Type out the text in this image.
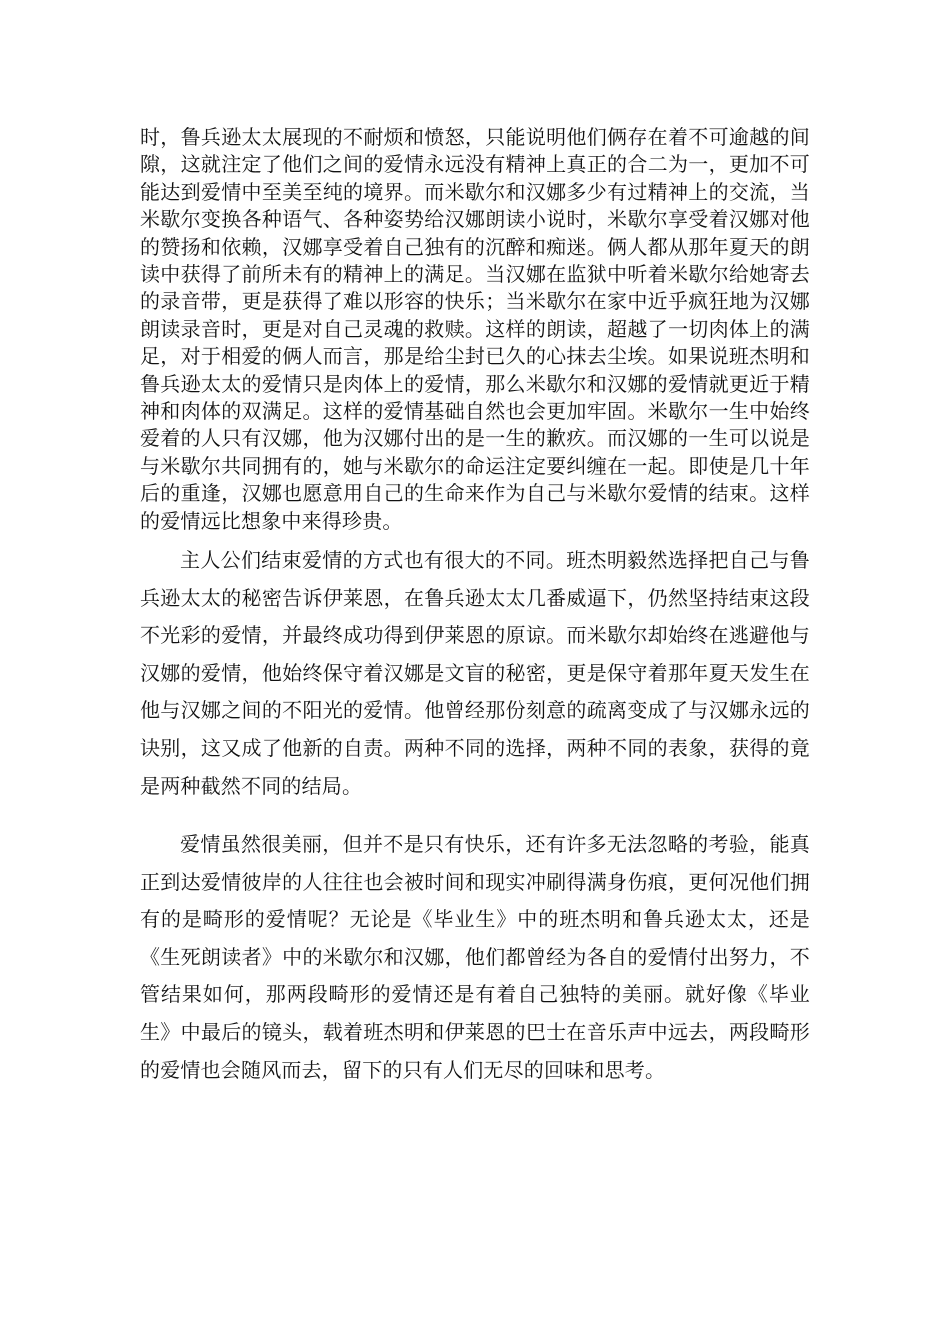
时，鲁兵逊太太展现的不耐烦和愤怒，只能说明他们俩存在着不可逾越的间隙，这就注定了他们之间的爱情永远没有精神上真正的合二为一，更加不可能达到爱情中至美至纯的境界。而米歇尔和汉娜多少有过精神上的交流，当米歇尔变换各种语气、各种姿势给汉娜朗读小说时，米歇尔享受着汉娜对他的赞扬和依赖，汉娜享受着自己独有的沉醉和痴迷。俩人都从那年夏天的朗读中获得了前所未有的精神上的满足。当汉娜在监狱中听着米歇尔给她寄去的录音带，更是获得了难以形容的快乐；当米歇尔在家中近乎疯狂地为汉娜朗读录音时，更是对自己灵魂的救赎。这样的朗读，超越了一切肉体上的满足，对于相爱的俩人而言，那是给尘封已久的心抹去尘埃。如果说班杰明和鲁兵逊太太的爱情只是肉体上的爱情，那么米歇尔和汉娜的爱情就更近于精神和肉体的双满足。这样的爱情基础自然也会更加牢固。米歇尔一生中始终爱着的人只有汉娜，他为汉娜付出的是一生的歉疚。而汉娜的一生可以说是与米歇尔共同拥有的，她与米歇尔的命运注定要纠缠在一起。即使是几十年后的重逢，汉娜也愿意用自己的生命来作为自己与米歇尔爱情的结束。这样的爱情远比想象中来得珍贵。

主人公们结束爱情的方式也有很大的不同。班杰明毅然选择把自己与鲁兵逊太太的秘密告诉伊莱恩，在鲁兵逊太太几番威逼下，仍然坚持结束这段不光彩的爱情，并最终成功得到伊莱恩的原谅。而米歇尔却始终在逃避他与汉娜的爱情，他始终保守着汉娜是文盲的秘密，更是保守着那年夏天发生在他与汉娜之间的不阳光的爱情。他曾经那份刻意的疏离变成了与汉娜永远的诀别，这又成了他新的自责。两种不同的选择，两种不同的表象，获得的竟是两种截然不同的结局。

爱情虽然很美丽，但并不是只有快乐，还有许多无法忽略的考验，能真正到达爱情彼岸的人往往也会被时间和现实冲刷得满身伤痕，更何况他们拥有的是畸形的爱情呢？无论是《毕业生》中的班杰明和鲁兵逊太太，还是《生死朗读者》中的米歇尔和汉娜，他们都曾经为各自的爱情付出努力，不管结果如何，那两段畸形的爱情还是有着自己独特的美丽。就好像《毕业生》中最后的镜头，载着班杰明和伊莱恩的巴士在音乐声中远去，两段畸形的爱情也会随风而去，留下的只有人们无尽的回味和思考。
